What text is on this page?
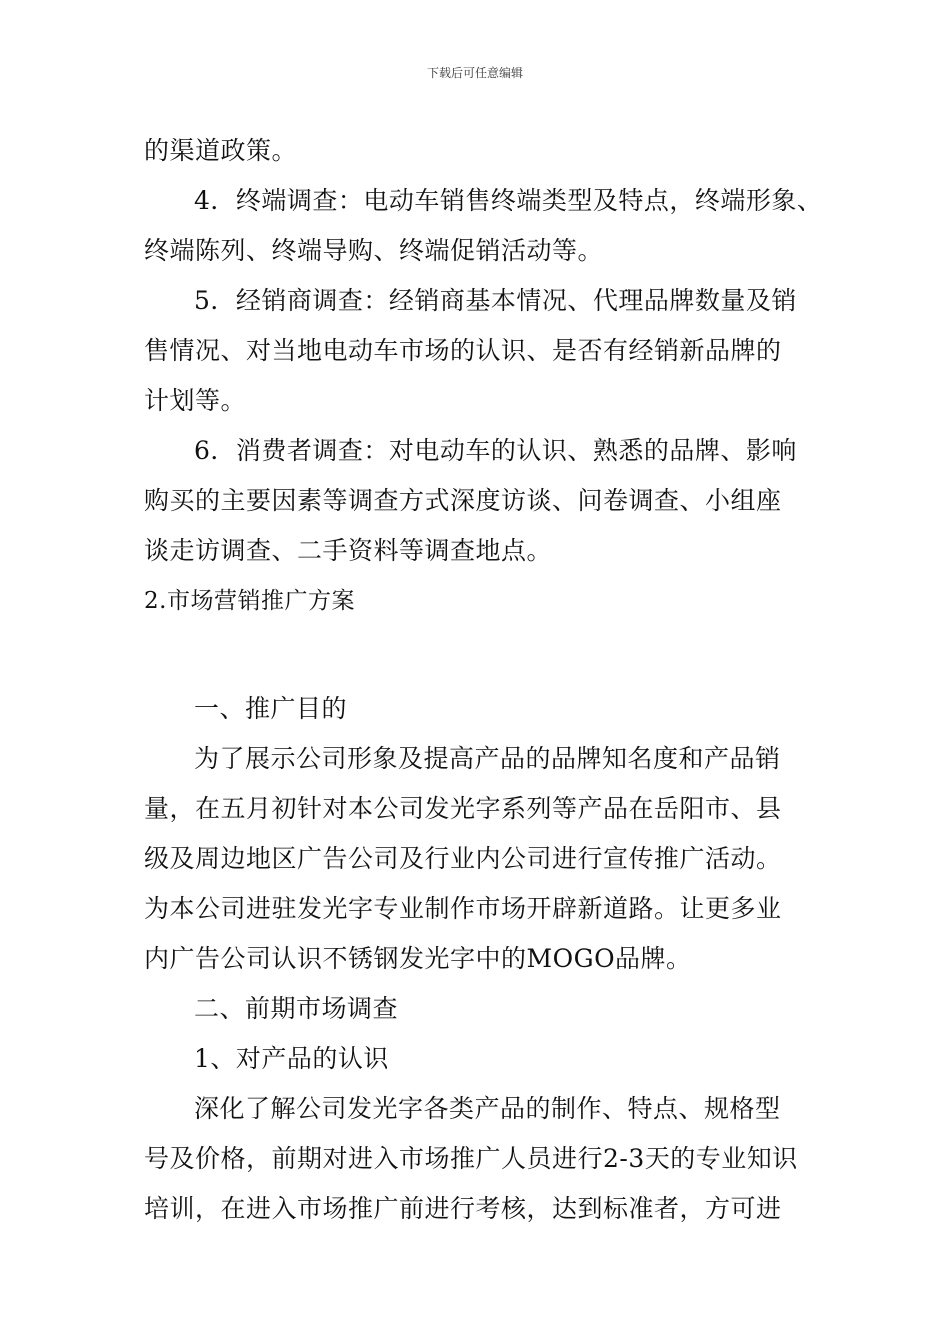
下载后可任意编辑
的渠道政策。
4．终端调查：电动车销售终端类型及特点，终端形象、
终端陈列、终端导购、终端促销活动等。
5．经销商调查：经销商基本情况、代理品牌数量及销
售情况、对当地电动车市场的认识、是否有经销新品牌的
计划等。
6．消费者调查：对电动车的认识、熟悉的品牌、影响
购买的主要因素等调查方式深度访谈、问卷调查、小组座
谈走访调查、二手资料等调查地点。
2.市场营销推广方案
一、推广目的
为了展示公司形象及提高产品的品牌知名度和产品销
量，在五月初针对本公司发光字系列等产品在岳阳市、县
级及周边地区广告公司及行业内公司进行宣传推广活动。
为本公司进驻发光字专业制作市场开辟新道路。让更多业
内广告公司认识不锈钢发光字中的MOGO品牌。
二、前期市场调查
1、对产品的认识
深化了解公司发光字各类产品的制作、特点、规格型
号及价格，前期对进入市场推广人员进行2-3天的专业知识
培训，在进入市场推广前进行考核，达到标准者，方可进
